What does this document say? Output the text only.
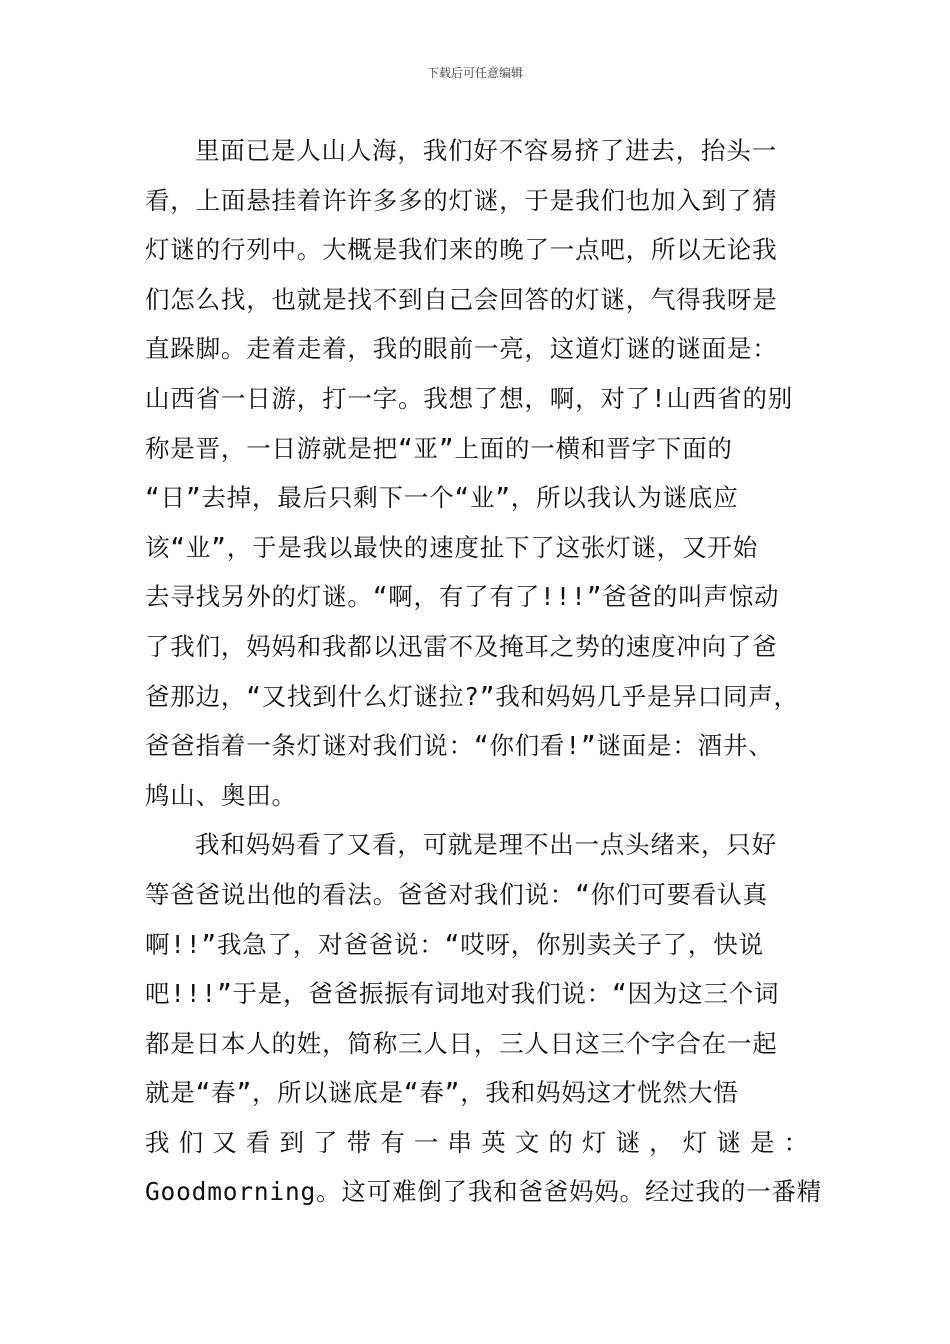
下载后可任意编辑
里面已是人山人海，我们好不容易挤了进去，抬头一
看，上面悬挂着许许多多的灯谜，于是我们也加入到了猜
灯谜的行列中。大概是我们来的晚了一点吧，所以无论我
们怎么找，也就是找不到自己会回答的灯谜，气得我呀是
直跺脚。走着走着，我的眼前一亮，这道灯谜的谜面是：
山西省一日游，打一字。我想了想，啊，对了!山西省的别
称是晋，一日游就是把“亚”上面的一横和晋字下面的
“日”去掉，最后只剩下一个“业”，所以我认为谜底应
该“业”，于是我以最快的速度扯下了这张灯谜，又开始
去寻找另外的灯谜。“啊，有了有了!!!”爸爸的叫声惊动
了我们，妈妈和我都以迅雷不及掩耳之势的速度冲向了爸
爸那边，“又找到什么灯谜拉?”我和妈妈几乎是异口同声，
爸爸指着一条灯谜对我们说：“你们看!”谜面是：酒井、
鸠山、奥田。
我和妈妈看了又看，可就是理不出一点头绪来，只好
等爸爸说出他的看法。爸爸对我们说：“你们可要看认真
啊!!”我急了，对爸爸说：“哎呀，你别卖关子了，快说
吧!!!”于是，爸爸振振有词地对我们说：“因为这三个词
都是日本人的姓，简称三人日，三人日这三个字合在一起
就是“春”，所以谜底是“春”，我和妈妈这才恍然大悟
我 们 又 看 到 了 带 有 一 串 英 文 的 灯 谜 ， 灯 谜 是 ：
Goodmorning。这可难倒了我和爸爸妈妈。经过我的一番精
